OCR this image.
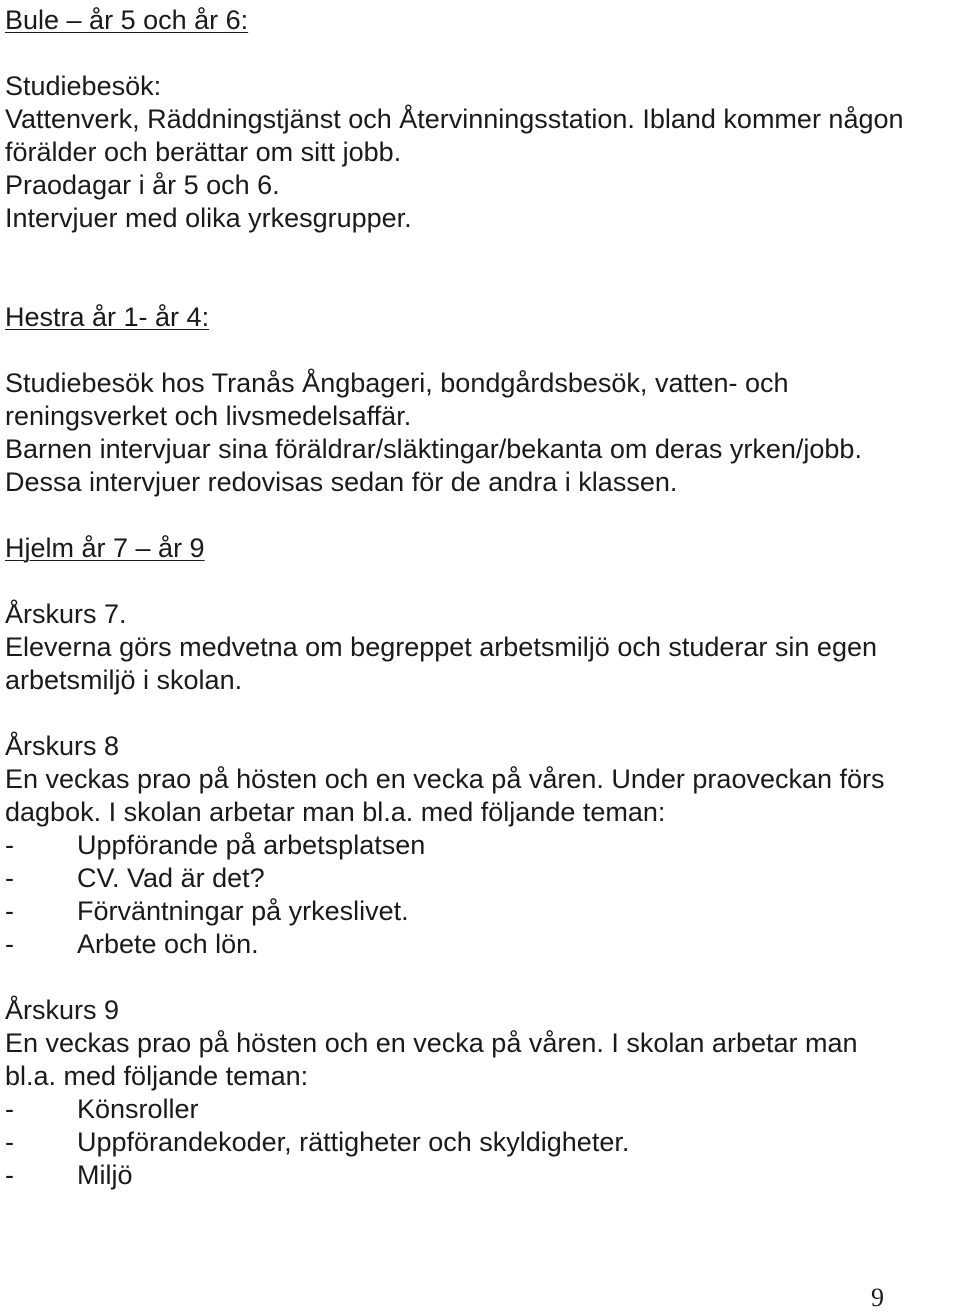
Bule – år 5 och år 6:
Studiebesök:
Vattenverk, Räddningstjänst och Återvinningsstation. Ibland kommer någon
förälder och berättar om sitt jobb.
Praodagar i år 5 och 6.
Intervjuer med olika yrkesgrupper.
Hestra år 1- år 4:
Studiebesök hos Tranås Ångbageri, bondgårdsbesök, vatten- och
reningsverket och livsmedelsaffär.
Barnen intervjuar sina föräldrar/släktingar/bekanta om deras yrken/jobb.
Dessa intervjuer redovisas sedan för de andra i klassen.
Hjelm år 7 – år 9
Årskurs 7.
Eleverna görs medvetna om begreppet arbetsmiljö och studerar sin egen
arbetsmiljö i skolan.
Årskurs 8
En veckas prao på hösten och en vecka på våren. Under praoveckan förs
dagbok. I skolan arbetar man bl.a. med följande teman:
-	Uppförande på arbetsplatsen
-	CV. Vad är det?
-	Förväntningar på yrkeslivet.
-	Arbete och lön.
Årskurs 9
En veckas prao på hösten och en vecka på våren. I skolan arbetar man
bl.a. med följande teman:
-	Könsroller
-	Uppförandekoder, rättigheter och skyldigheter.
-	Miljö
9
